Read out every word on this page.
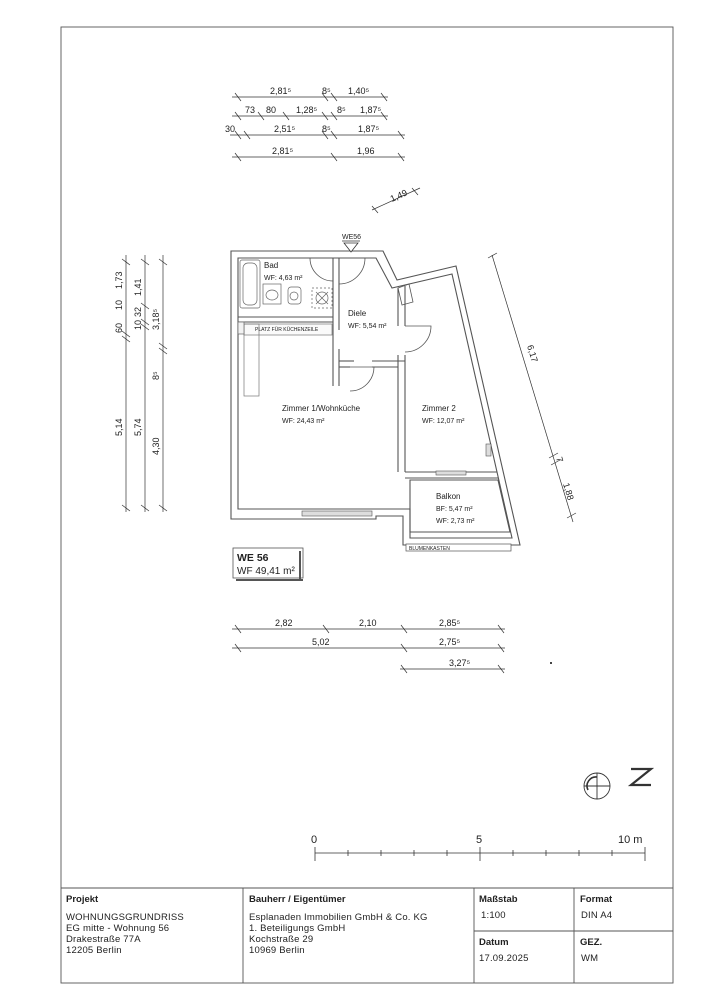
2,81⁵	8⁵ 1,40⁵
73 80 1,28⁵ 8⁵ 1,87⁵
30	2,51⁵	8⁵	1,87⁵
2,81⁵	1,96
1,49
60
10
1,73
10
32
1,41
3,18⁵
8⁵
4,30
5,14 5,74
6,17
7
1,88
PLATZ FÜR KÜCHENZEILE
BLUMENKASTEN
WE56
Bad
WF: 4,63 m²
Diele
WF: 5,54 m²
Zimmer 1/Wohnküche
WF: 24,43 m²
Zimmer 2
WF: 12,07 m²
Balkon
BF: 5,47 m²
WF: 2,73 m²
WE 56
WF 49,41 m²
2,82	2,10	2,85⁵
5,02	2,75⁵
3,27⁵
0	5	10 m
Projekt
WOHNUNGSGRUNDRISS
EG mitte - Wohnung 56
Drakestraße 77A
12205 Berlin
Bauherr / Eigentümer
Esplanaden Immobilien GmbH & Co. KG
1. Beteiligungs GmbH
Kochstraße 29
10969 Berlin
Maßstab
1:100
Format
DIN A4
Datum
17.09.2025
GEZ.
WM
